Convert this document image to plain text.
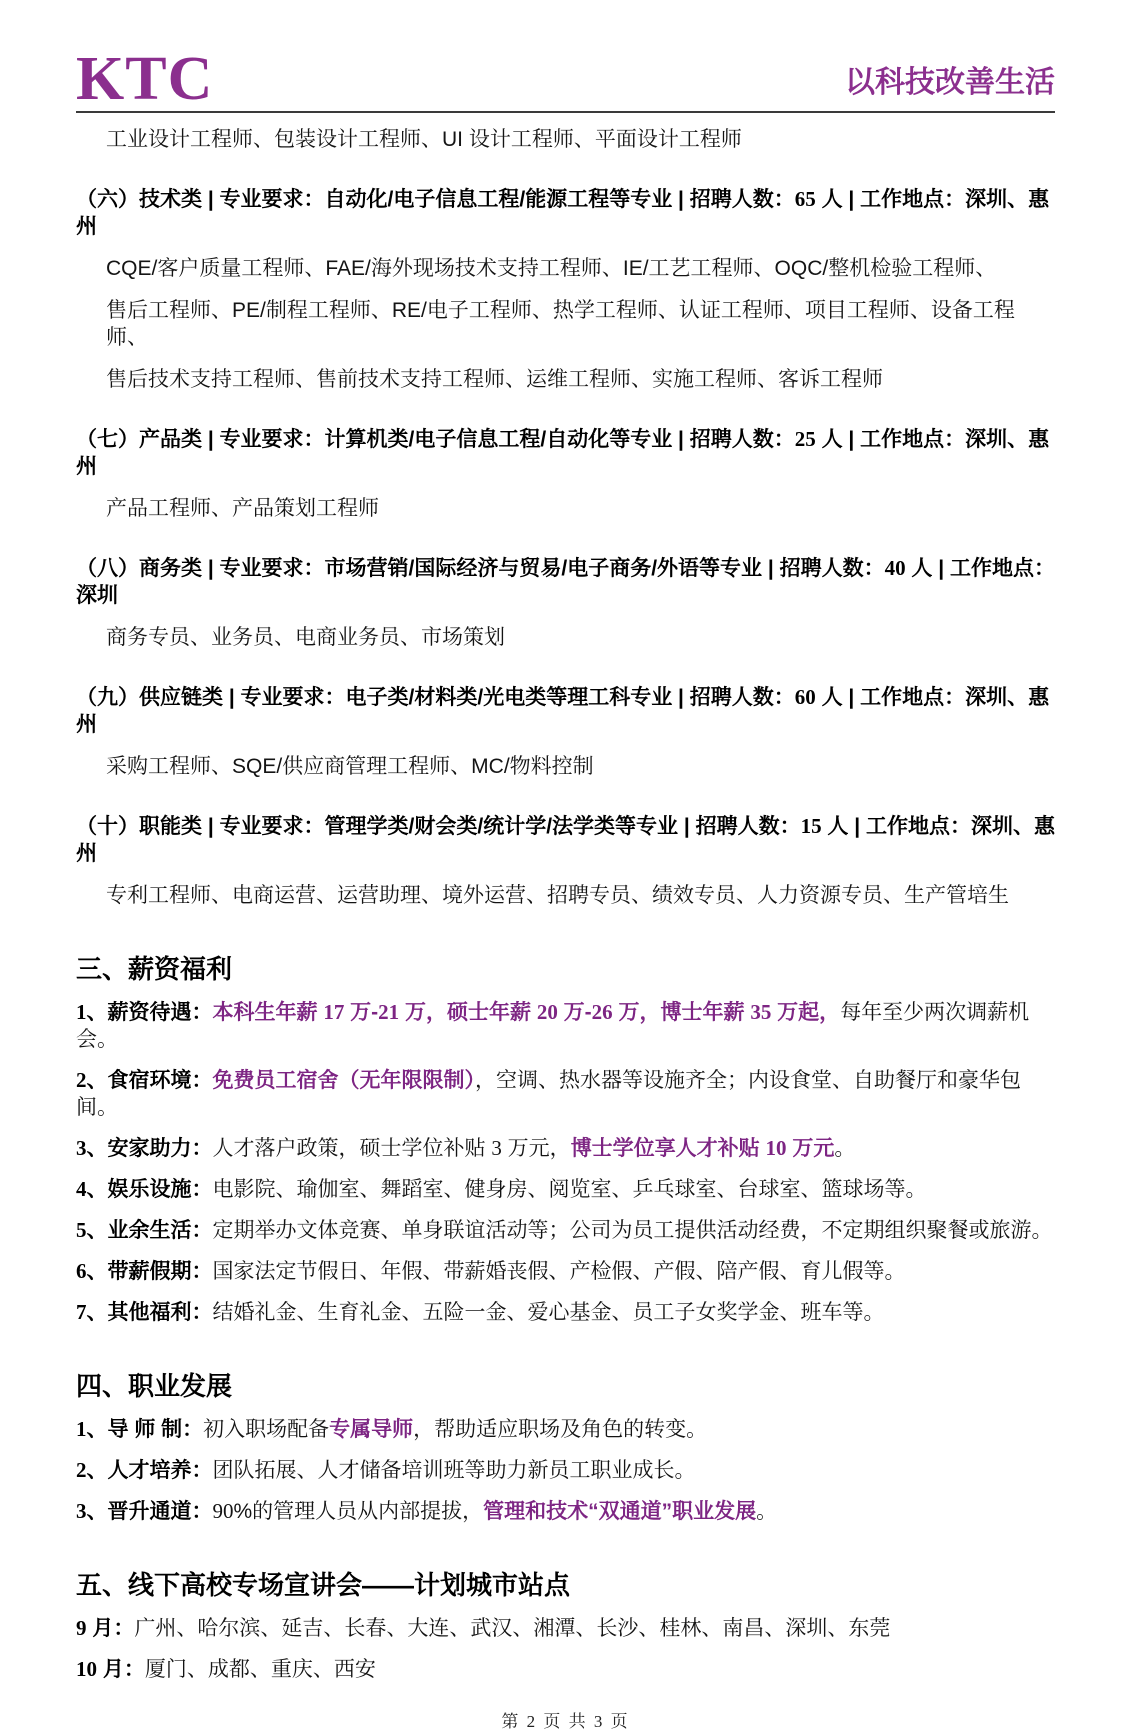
KTC	以科技改善生活
工业设计工程师、包装设计工程师、UI 设计工程师、平面设计工程师
（六）技术类 | 专业要求：自动化/电子信息工程/能源工程等专业 | 招聘人数：65 人 | 工作地点：深圳、惠州
CQE/客户质量工程师、FAE/海外现场技术支持工程师、IE/工艺工程师、OQC/整机检验工程师、
售后工程师、PE/制程工程师、RE/电子工程师、热学工程师、认证工程师、项目工程师、设备工程师、
售后技术支持工程师、售前技术支持工程师、运维工程师、实施工程师、客诉工程师
（七）产品类 | 专业要求：计算机类/电子信息工程/自动化等专业 | 招聘人数：25 人 | 工作地点：深圳、惠州
产品工程师、产品策划工程师
（八）商务类 | 专业要求：市场营销/国际经济与贸易/电子商务/外语等专业 | 招聘人数：40 人 | 工作地点：深圳
商务专员、业务员、电商业务员、市场策划
（九）供应链类 | 专业要求：电子类/材料类/光电类等理工科专业 | 招聘人数：60 人 | 工作地点：深圳、惠州
采购工程师、SQE/供应商管理工程师、MC/物料控制
（十）职能类 | 专业要求：管理学类/财会类/统计学/法学类等专业 | 招聘人数：15 人 | 工作地点：深圳、惠州
专利工程师、电商运营、运营助理、境外运营、招聘专员、绩效专员、人力资源专员、生产管培生
三、薪资福利
1、薪资待遇：本科生年薪 17 万-21 万，硕士年薪 20 万-26 万，博士年薪 35 万起，每年至少两次调薪机会。
2、食宿环境：免费员工宿舍（无年限限制），空调、热水器等设施齐全；内设食堂、自助餐厅和豪华包间。
3、安家助力：人才落户政策，硕士学位补贴 3 万元，博士学位享人才补贴 10 万元。
4、娱乐设施：电影院、瑜伽室、舞蹈室、健身房、阅览室、乒乓球室、台球室、篮球场等。
5、业余生活：定期举办文体竞赛、单身联谊活动等；公司为员工提供活动经费，不定期组织聚餐或旅游。
6、带薪假期：国家法定节假日、年假、带薪婚丧假、产检假、产假、陪产假、育儿假等。
7、其他福利：结婚礼金、生育礼金、五险一金、爱心基金、员工子女奖学金、班车等。
四、职业发展
1、导 师 制：初入职场配备专属导师，帮助适应职场及角色的转变。
2、人才培养：团队拓展、人才储备培训班等助力新员工职业成长。
3、晋升通道：90%的管理人员从内部提拔，管理和技术“双通道”职业发展。
五、线下高校专场宣讲会——计划城市站点
9 月：广州、哈尔滨、延吉、长春、大连、武汉、湘潭、长沙、桂林、南昌、深圳、东莞
10 月：厦门、成都、重庆、西安
第 2 页 共 3 页
